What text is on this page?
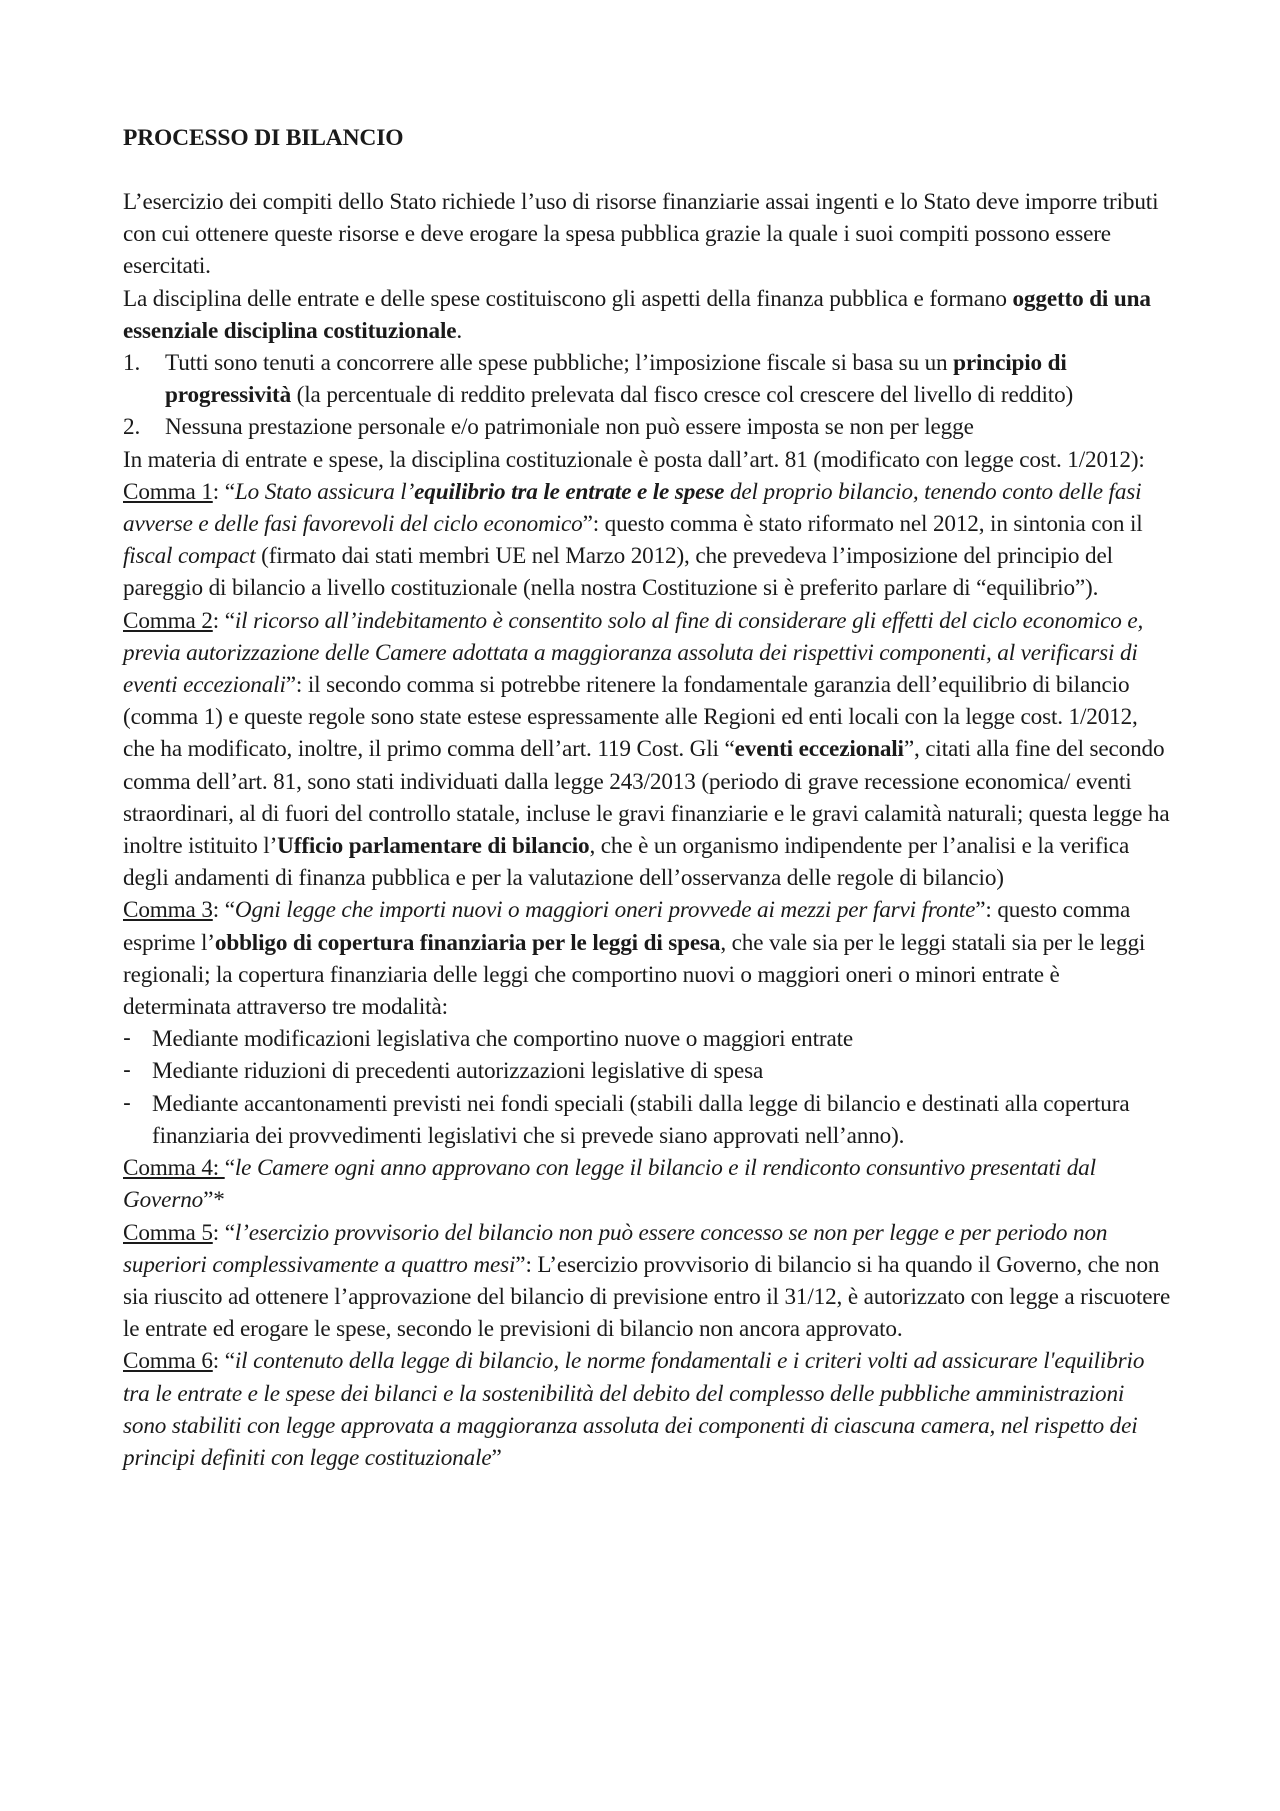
PROCESSO DI BILANCIO

L’esercizio dei compiti dello Stato richiede l’uso di risorse finanziarie assai ingenti e lo Stato deve imporre tributi con cui ottenere queste risorse e deve erogare la spesa pubblica grazie la quale i suoi compiti possono essere esercitati.

La disciplina delle entrate e delle spese costituiscono gli aspetti della finanza pubblica e formano oggetto di una essenziale disciplina costituzionale.

1. Tutti sono tenuti a concorrere alle spese pubbliche; l’imposizione fiscale si basa su un principio di progressività (la percentuale di reddito prelevata dal fisco cresce col crescere del livello di reddito)
2. Nessuna prestazione personale e/o patrimoniale non può essere imposta se non per legge

In materia di entrate e spese, la disciplina costituzionale è posta dall’art. 81 (modificato con legge cost. 1/2012):

Comma 1: “Lo Stato assicura l’equilibrio tra le entrate e le spese del proprio bilancio, tenendo conto delle fasi avverse e delle fasi favorevoli del ciclo economico”: questo comma è stato riformato nel 2012, in sintonia con il fiscal compact (firmato dai stati membri UE nel Marzo 2012), che prevedeva l’imposizione del principio del pareggio di bilancio a livello costituzionale (nella nostra Costituzione si è preferito parlare di “equilibrio”).

Comma 2: “il ricorso all’indebitamento è consentito solo al fine di considerare gli effetti del ciclo economico e, previa autorizzazione delle Camere adottata a maggioranza assoluta dei rispettivi componenti, al verificarsi di eventi eccezionali”: il secondo comma si potrebbe ritenere la fondamentale garanzia dell’equilibrio di bilancio (comma 1) e queste regole sono state estese espressamente alle Regioni ed enti locali con la legge cost. 1/2012, che ha modificato, inoltre, il primo comma dell’art. 119 Cost. Gli “eventi eccezionali”, citati alla fine del secondo comma dell’art. 81, sono stati individuati dalla legge 243/2013 (periodo di grave recessione economica/ eventi straordinari, al di fuori del controllo statale, incluse le gravi finanziarie e le gravi calamità naturali; questa legge ha inoltre istituito l’Ufficio parlamentare di bilancio, che è un organismo indipendente per l’analisi e la verifica degli andamenti di finanza pubblica e per la valutazione dell’osservanza delle regole di bilancio)

Comma 3: “Ogni legge che importi nuovi o maggiori oneri provvede ai mezzi per farvi fronte”: questo comma esprime l’obbligo di copertura finanziaria per le leggi di spesa, che vale sia per le leggi statali sia per le leggi regionali; la copertura finanziaria delle leggi che comportino nuovi o maggiori oneri o minori entrate è determinata attraverso tre modalità:

- Mediante modificazioni legislativa che comportino nuove o maggiori entrate
- Mediante riduzioni di precedenti autorizzazioni legislative di spesa
- Mediante accantonamenti previsti nei fondi speciali (stabili dalla legge di bilancio e destinati alla copertura finanziaria dei provvedimenti legislativi che si prevede siano approvati nell’anno).

Comma 4: “le Camere ogni anno approvano con legge il bilancio e il rendiconto consuntivo presentati dal Governo”*

Comma 5: “l’esercizio provvisorio del bilancio non può essere concesso se non per legge e per periodo non superiori complessivamente a quattro mesi”: L’esercizio provvisorio di bilancio si ha quando il Governo, che non sia riuscito ad ottenere l’approvazione del bilancio di previsione entro il 31/12, è autorizzato con legge a riscuotere le entrate ed erogare le spese, secondo le previsioni di bilancio non ancora approvato.

Comma 6: “il contenuto della legge di bilancio, le norme fondamentali e i criteri volti ad assicurare l'equilibrio tra le entrate e le spese dei bilanci e la sostenibilità del debito del complesso delle pubbliche amministrazioni sono stabiliti con legge approvata a maggioranza assoluta dei componenti di ciascuna camera, nel rispetto dei principi definiti con legge costituzionale”
